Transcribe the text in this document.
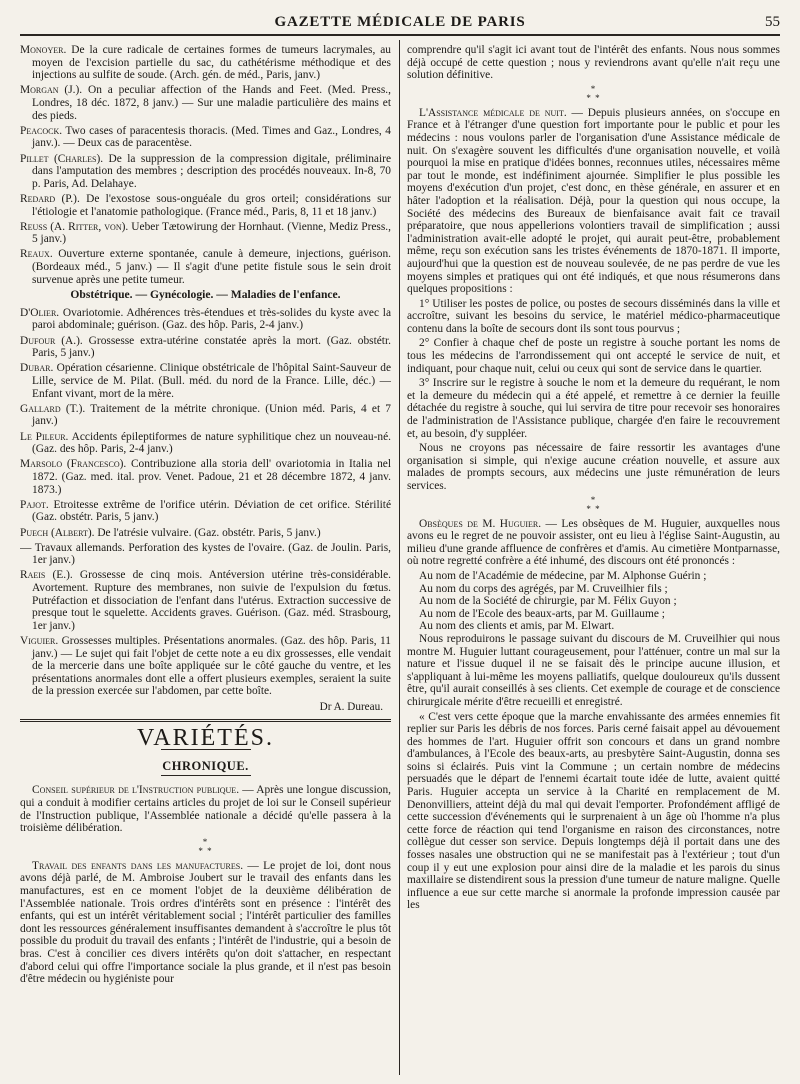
GAZETTE MÉDICALE DE PARIS	55

Monoyer. De la cure radicale de certaines formes de tumeurs lacrymales, au moyen de l'excision partielle du sac, du cathétérisme méthodique et des injections au sulfite de soude. (Arch. gén. de méd., Paris, janv.)

Morgan (J.). On a peculiar affection of the Hands and Feet. (Med. Press., Londres, 18 déc. 1872, 8 janv.) — Sur une maladie particulière des mains et des pieds.

Peacock. Two cases of paracentesis thoracis. (Med. Times and Gaz., Londres, 4 janv.). — Deux cas de paracentèse.

Pillet (Charles). De la suppression de la compression digitale, préliminaire dans l'amputation des membres ; description des procédés nouveaux. In-8, 70 p. Paris, Ad. Delahaye.

Redard (P.). De l'exostose sous-onguéale du gros orteil; considérations sur l'étiologie et l'anatomie pathologique. (France méd., Paris, 8, 11 et 18 janv.)

Reuss (A. Ritter, von). Ueber Tætowirung der Hornhaut. (Vienne, Mediz Press., 5 janv.)

Reaux. Ouverture externe spontanée, canule à demeure, injections, guérison. (Bordeaux méd., 5 janv.) — Il s'agit d'une petite fistule sous le sein droit survenue après une petite tumeur.

Obstétrique. — Gynécologie. — Maladies de l'enfance.

D'Olier. Ovariotomie. Adhérences très-étendues et très-solides du kyste avec la paroi abdominale; guérison. (Gaz. des hôp. Paris, 2-4 janv.)

Dufour (A.). Grossesse extra-utérine constatée après la mort. (Gaz. obstétr. Paris, 5 janv.)

Dubar. Opération césarienne. Clinique obstétricale de l'hôpital Saint-Sauveur de Lille, service de M. Pilat. (Bull. méd. du nord de la France. Lille, déc.) — Enfant vivant, mort de la mère.

Gallard (T.). Traitement de la métrite chronique. (Union méd. Paris, 4 et 7 janv.)

Le Pileur. Accidents épileptiformes de nature syphilitique chez un nouveau-né. (Gaz. des hôp. Paris, 2-4 janv.)

Marsolo (Francesco). Contribuzione alla storia dell' ovariotomia in Italia nel 1872. (Gaz. med. ital. prov. Venet. Padoue, 21 et 28 décembre 1872, 4 janv. 1873.)

Pajot. Etroitesse extrême de l'orifice utérin. Déviation de cet orifice. Stérilité (Gaz. obstétr. Paris, 5 janv.)

Puech (Albert). De l'atrésie vulvaire. (Gaz. obstétr. Paris, 5 janv.)

— Travaux allemands. Perforation des kystes de l'ovaire. (Gaz. de Joulin. Paris, 1er janv.)

Raeis (E.). Grossesse de cinq mois. Antéversion utérine très-considérable. Avortement. Rupture des membranes, non suivie de l'expulsion du fœtus. Putréfaction et dissociation de l'enfant dans l'utérus. Extraction successive de presque tout le squelette. Accidents graves. Guérison. (Gaz. méd. Strasbourg, 1er janv.)

Viguier. Grossesses multiples. Présentations anormales. (Gaz. des hôp. Paris, 11 janv.) — Le sujet qui fait l'objet de cette note a eu dix grossesses, elle vendait de la mercerie dans une boîte appliquée sur le côté gauche du ventre, et les présentations anormales dont elle a offert plusieurs exemples, seraient la suite de la pression exercée sur l'abdomen, par cette boîte.

Dr A. Dureau.
VARIÉTÉS.
CHRONIQUE.

Conseil supérieur de l'Instruction publique. — Après une longue discussion, qui a conduit à modifier certains articles du projet de loi sur le Conseil supérieur de l'Instruction publique, l'Assemblée nationale a décidé qu'elle passera à la troisième délibération.

*
* *

Travail des enfants dans les manufactures. — Le projet de loi, dont nous avons déjà parlé, de M. Ambroise Joubert sur le travail des enfants dans les manufactures, est en ce moment l'objet de la deuxième délibération de l'Assemblée nationale. Trois ordres d'intérêts sont en présence : l'intérêt des enfants, qui est un intérêt véritablement social ; l'intérêt particulier des familles dont les ressources généralement insuffisantes demandent à s'accroître le plus tôt possible du produit du travail des enfants ; l'intérêt de l'industrie, qui a besoin de bras. C'est à concilier ces divers intérêts qu'on doit s'attacher, en respectant d'abord celui qui offre l'importance sociale la plus grande, et il n'est pas besoin d'être médecin ou hygiéniste pour

comprendre qu'il s'agit ici avant tout de l'intérêt des enfants. Nous nous sommes déjà occupé de cette question ; nous y reviendrons avant qu'elle n'ait reçu une solution définitive.

*
* *

L'Assistance médicale de nuit. — Depuis plusieurs années, on s'occupe en France et à l'étranger d'une question fort importante pour le public et pour les médecins : nous voulons parler de l'organisation d'une Assistance médicale de nuit. On s'exagère souvent les difficultés d'une organisation nouvelle, et voilà pourquoi la mise en pratique d'idées bonnes, reconnues utiles, nécessaires même par tout le monde, est indéfiniment ajournée. Simplifier le plus possible les moyens d'exécution d'un projet, c'est donc, en thèse générale, en assurer et en hâter l'adoption et la réalisation. Déjà, pour la question qui nous occupe, la Société des médecins des Bureaux de bienfaisance avait fait ce travail préparatoire, que nous appellerions volontiers travail de simplification ; aussi l'administration avait-elle adopté le projet, qui aurait peut-être, probablement même, reçu son exécution sans les tristes événements de 1870-1871. Il importe, aujourd'hui que la question est de nouveau soulevée, de ne pas perdre de vue les moyens simples et pratiques qui ont été indiqués, et que nous résumerons dans quelques propositions :

1° Utiliser les postes de police, ou postes de secours disséminés dans la ville et accroître, suivant les besoins du service, le matériel médico-pharmaceutique contenu dans la boîte de secours dont ils sont tous pourvus ;

2° Confier à chaque chef de poste un registre à souche portant les noms de tous les médecins de l'arrondissement qui ont accepté le service de nuit, et indiquant, pour chaque nuit, celui ou ceux qui sont de service dans le quartier.

3° Inscrire sur le registre à souche le nom et la demeure du requérant, le nom et la demeure du médecin qui a été appelé, et remettre à ce dernier la feuille détachée du registre à souche, qui lui servira de titre pour recevoir ses honoraires de l'administration de l'Assistance publique, chargée d'en faire le recouvrement et, au besoin, d'y suppléer.

Nous ne croyons pas nécessaire de faire ressortir les avantages d'une organisation si simple, qui n'exige aucune création nouvelle, et assure aux malades de prompts secours, aux médecins une juste rémunération de leurs services.

*
* *

Obsèques de M. Huguier. — Les obsèques de M. Huguier, auxquelles nous avons eu le regret de ne pouvoir assister, ont eu lieu à l'église Saint-Augustin, au milieu d'une grande affluence de confrères et d'amis. Au cimetière Montparnasse, où notre regretté confrère a été inhumé, des discours ont été prononcés :

Au nom de l'Académie de médecine, par M. Alphonse Guérin ;

Au nom du corps des agrégés, par M. Cruveilhier fils ;

Au nom de la Société de chirurgie, par M. Félix Guyon ;

Au nom de l'Ecole des beaux-arts, par M. Guillaume ;

Au nom des clients et amis, par M. Elwart.

Nous reproduirons le passage suivant du discours de M. Cruveilhier qui nous montre M. Huguier luttant courageusement, pour l'atténuer, contre un mal sur la nature et l'issue duquel il ne se faisait dès le principe aucune illusion, et s'appliquant à lui-même les moyens palliatifs, quelque douloureux qu'ils dussent être, qu'il aurait conseillés à ses clients. Cet exemple de courage et de conscience chirurgicale mérite d'être recueilli et enregistré.

« C'est vers cette époque que la marche envahissante des armées ennemies fit replier sur Paris les débris de nos forces. Paris cerné faisait appel au dévouement des hommes de l'art. Huguier offrit son concours et dans un grand nombre d'ambulances, à l'Ecole des beaux-arts, au presbytère Saint-Augustin, donna ses soins si éclairés. Puis vint la Commune ; un certain nombre de médecins persuadés que le départ de l'ennemi écartait toute idée de lutte, avaient quitté Paris. Huguier accepta un service à la Charité en remplacement de M. Denonvilliers, atteint déjà du mal qui devait l'emporter. Profondément affligé de cette succession d'événements qui le surprenaient à un âge où l'homme n'a plus cette force de réaction qui tend l'organisme en raison des circonstances, notre collègue dut cesser son service. Depuis longtemps déjà il portait dans une des fosses nasales une obstruction qui ne se manifestait pas à l'extérieur ; tout d'un coup il y eut une explosion pour ainsi dire de la maladie et les parois du sinus maxillaire se distendirent sous la pression d'une tumeur de nature maligne. Quelle influence a eue sur cette marche si anormale la profonde impression causée par les
